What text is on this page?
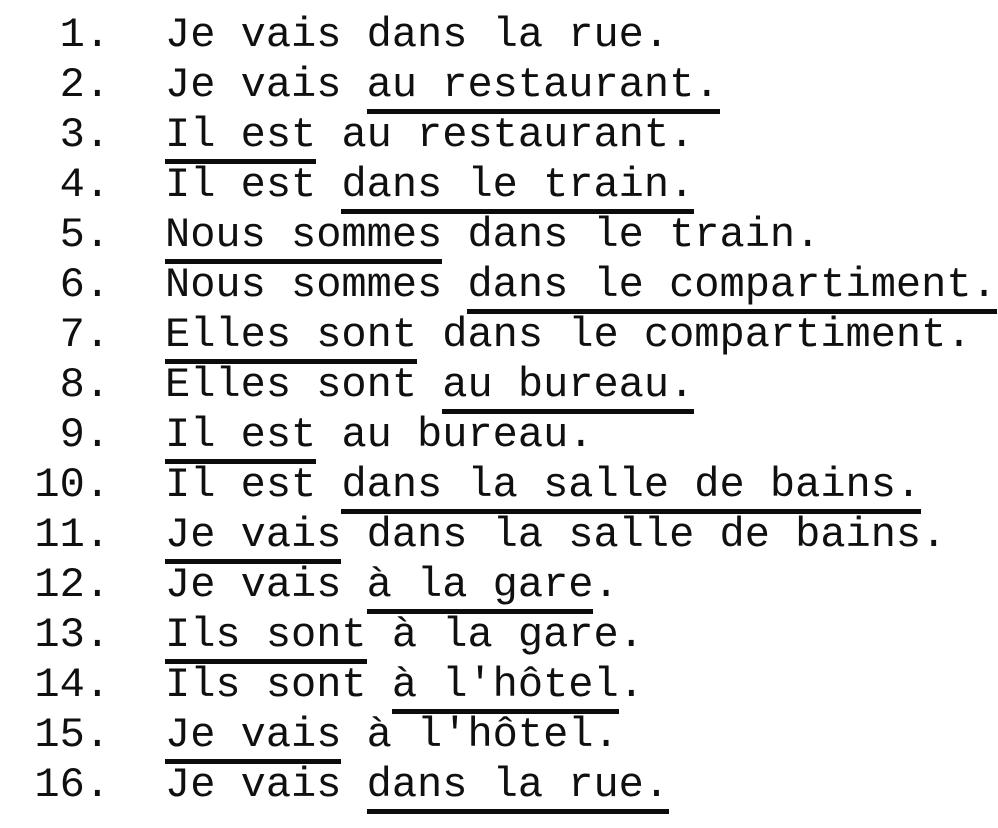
1. Je vais dans la rue.
2. Je vais au restaurant.
3. Il est au restaurant.
4. Il est dans le train.
5. Nous sommes dans le train.
6. Nous sommes dans le compartiment.
7. Elles sont dans le compartiment.
8. Elles sont au bureau.
9. Il est au bureau.
10. Il est dans la salle de bains.
11. Je vais dans la salle de bains.
12. Je vais à la gare.
13. Ils sont à la gare.
14. Ils sont à l'hôtel.
15. Je vais à l'hôtel.
16. Je vais dans la rue.
